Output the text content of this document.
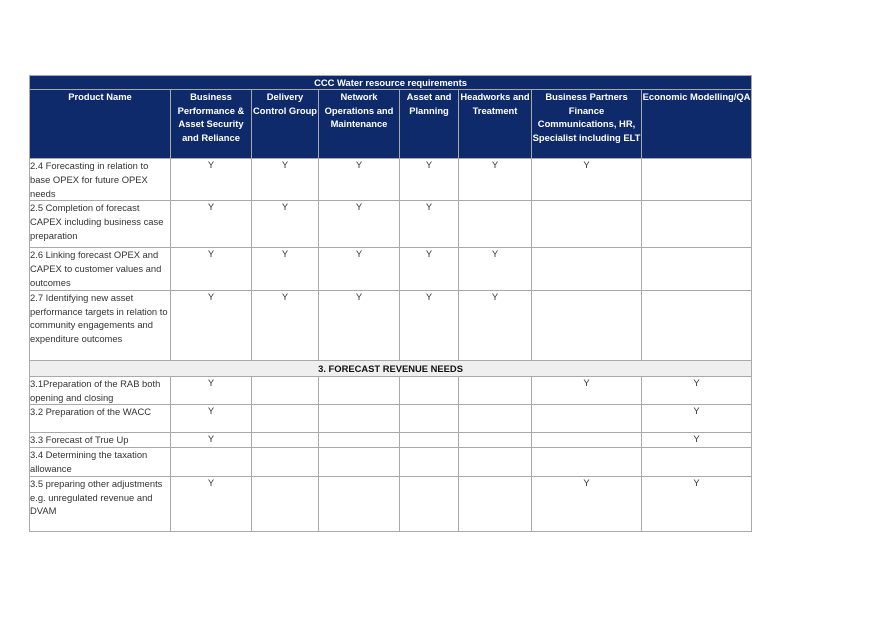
CCC Water resource requirements							
Product Name	Business Performance & Asset Security and Reliance	Delivery Control Group	Network Operations and Maintenance	Asset and Planning	Headworks and Treatment	Business Partners Finance Communications, HR, Specialist including ELT	Economic Modelling/QA
2.4 Forecasting in relation to base OPEX for future OPEX needs	Y	Y	Y	Y	Y	Y	
2.5 Completion of forecast CAPEX including business case preparation	Y	Y	Y	Y			
2.6 Linking forecast OPEX and CAPEX to customer values and outcomes	Y	Y	Y	Y	Y		
2.7 Identifying new asset performance targets in relation to community engagements and expenditure outcomes	Y	Y	Y	Y	Y		
3. FORECAST REVENUE NEEDS							
3.1Preparation of the RAB both opening and closing	Y					Y	Y
3.2 Preparation of the WACC	Y						Y
3.3 Forecast of True Up	Y						Y
3.4 Determining the taxation allowance							
3.5 preparing other adjustments e.g. unregulated revenue and DVAM	Y					Y	Y
